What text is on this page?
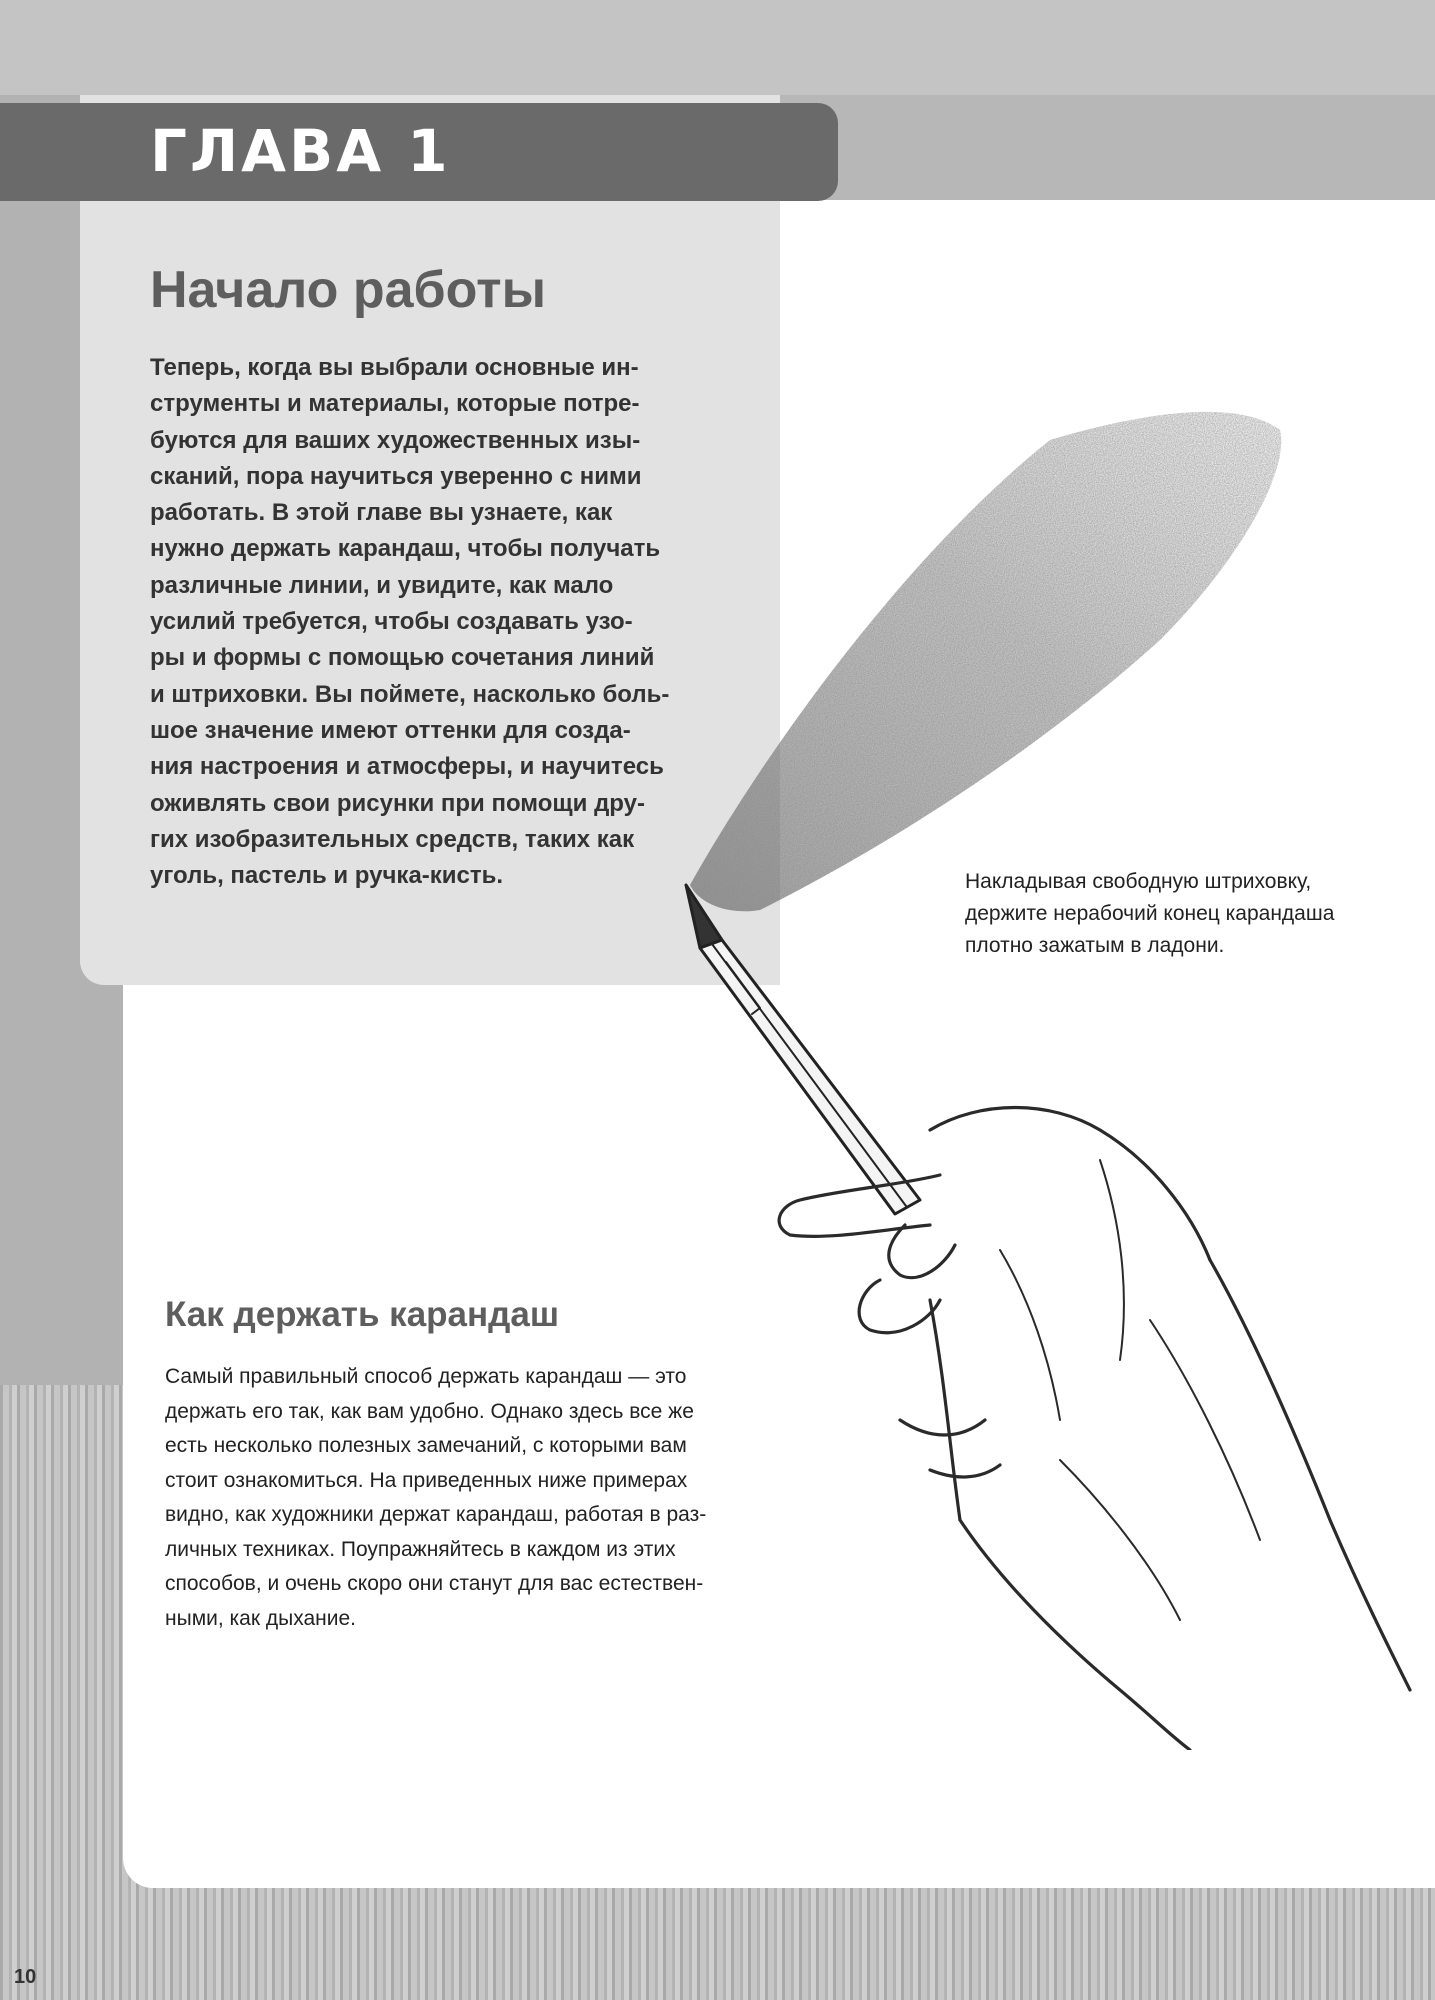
ГЛАВА 1
Начало работы

Теперь, когда вы выбрали основные ин-
струменты и материалы, которые потре-
буются для ваших художественных изы-
сканий, пора научиться уверенно с ними
работать. В этой главе вы узнаете, как
нужно держать карандаш, чтобы получать
различные линии, и увидите, как мало
усилий требуется, чтобы создавать узо-
ры и формы с помощью сочетания линий
и штриховки. Вы поймете, насколько боль-
шое значение имеют оттенки для созда-
ния настроения и атмосферы, и научитесь
оживлять свои рисунки при помощи дру-
гих изобразительных средств, таких как
уголь, пастель и ручка-кисть.	Накладывая свободную штриховку,
держите нерабочий конец карандаша
плотно зажатым в ладони.

Как держать карандаш

Самый правильный способ держать карандаш — это
держать его так, как вам удобно. Однако здесь все же
есть несколько полезных замечаний, с которыми вам
стоит ознакомиться. На приведенных ниже примерах
видно, как художники держат карандаш, работая в раз-
личных техниках. Поупражняйтесь в каждом из этих
способов, и очень скоро они станут для вас естествен-
ными, как дыхание.

10
